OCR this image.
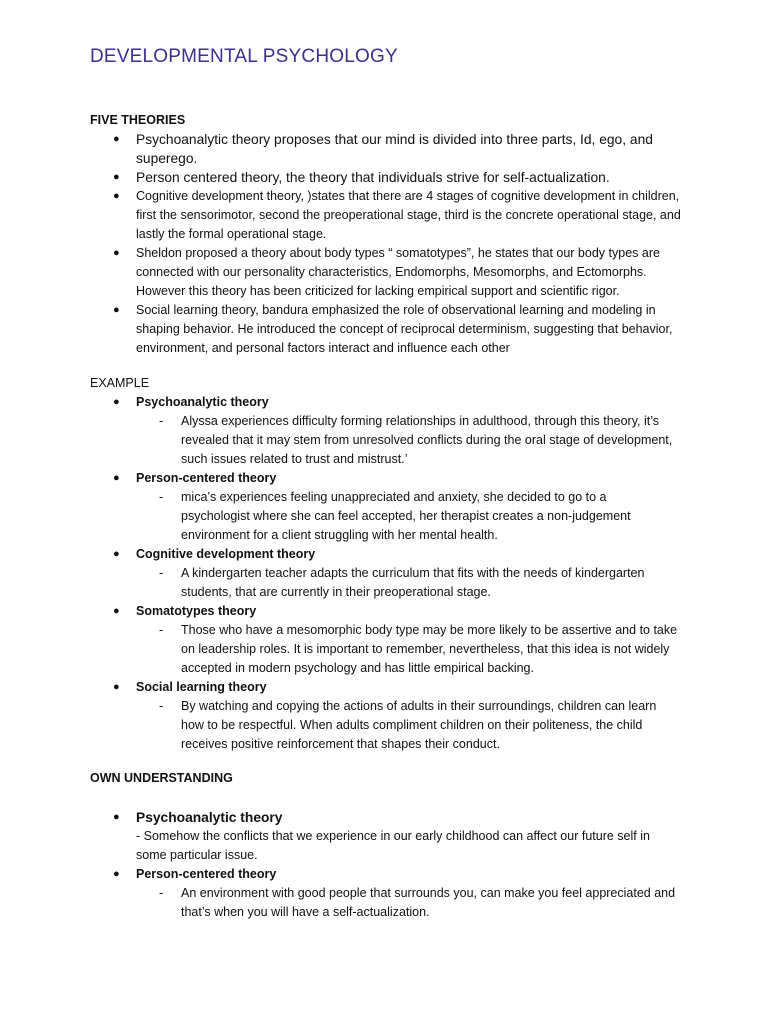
DEVELOPMENTAL PSYCHOLOGY
FIVE THEORIES
● Psychoanalytic theory proposes that our mind is divided into three parts, Id, ego, and superego.
● Person centered theory, the theory that individuals strive for self-actualization.
● Cognitive development theory, )states that there are 4 stages of cognitive development in children, first the sensorimotor, second the preoperational stage, third is the concrete operational stage, and lastly the formal operational stage.
● Sheldon proposed a theory about body types “ somatotypes”, he states that our body types are connected with our personality characteristics, Endomorphs, Mesomorphs, and Ectomorphs. However this theory has been criticized for lacking empirical support and scientific rigor.
● Social learning theory, bandura emphasized the role of observational learning and modeling in shaping behavior. He introduced the concept of reciprocal determinism, suggesting that behavior, environment, and personal factors interact and influence each other
EXAMPLE
● Psychoanalytic theory
- Alyssa experiences difficulty forming relationships in adulthood, through this theory, it’s revealed that it may stem from unresolved conflicts during the oral stage of development, such issues related to trust and mistrust.’
● Person-centered theory
- mica’s experiences feeling unappreciated and anxiety, she decided to go to a psychologist where she can feel accepted, her therapist creates a non-judgement environment for a client struggling with her mental health.
● Cognitive development theory
- A kindergarten teacher adapts the curriculum that fits with the needs of kindergarten students, that are currently in their preoperational stage.
● Somatotypes theory
- Those who have a mesomorphic body type may be more likely to be assertive and to take on leadership roles. It is important to remember, nevertheless, that this idea is not widely accepted in modern psychology and has little empirical backing.
● Social learning theory
- By watching and copying the actions of adults in their surroundings, children can learn how to be respectful. When adults compliment children on their politeness, the child receives positive reinforcement that shapes their conduct.
OWN UNDERSTANDING
● Psychoanalytic theory
- Somehow the conflicts that we experience in our early childhood can affect our future self in some particular issue.
● Person-centered theory
- An environment with good people that surrounds you, can make you feel appreciated and that’s when you will have a self-actualization.
